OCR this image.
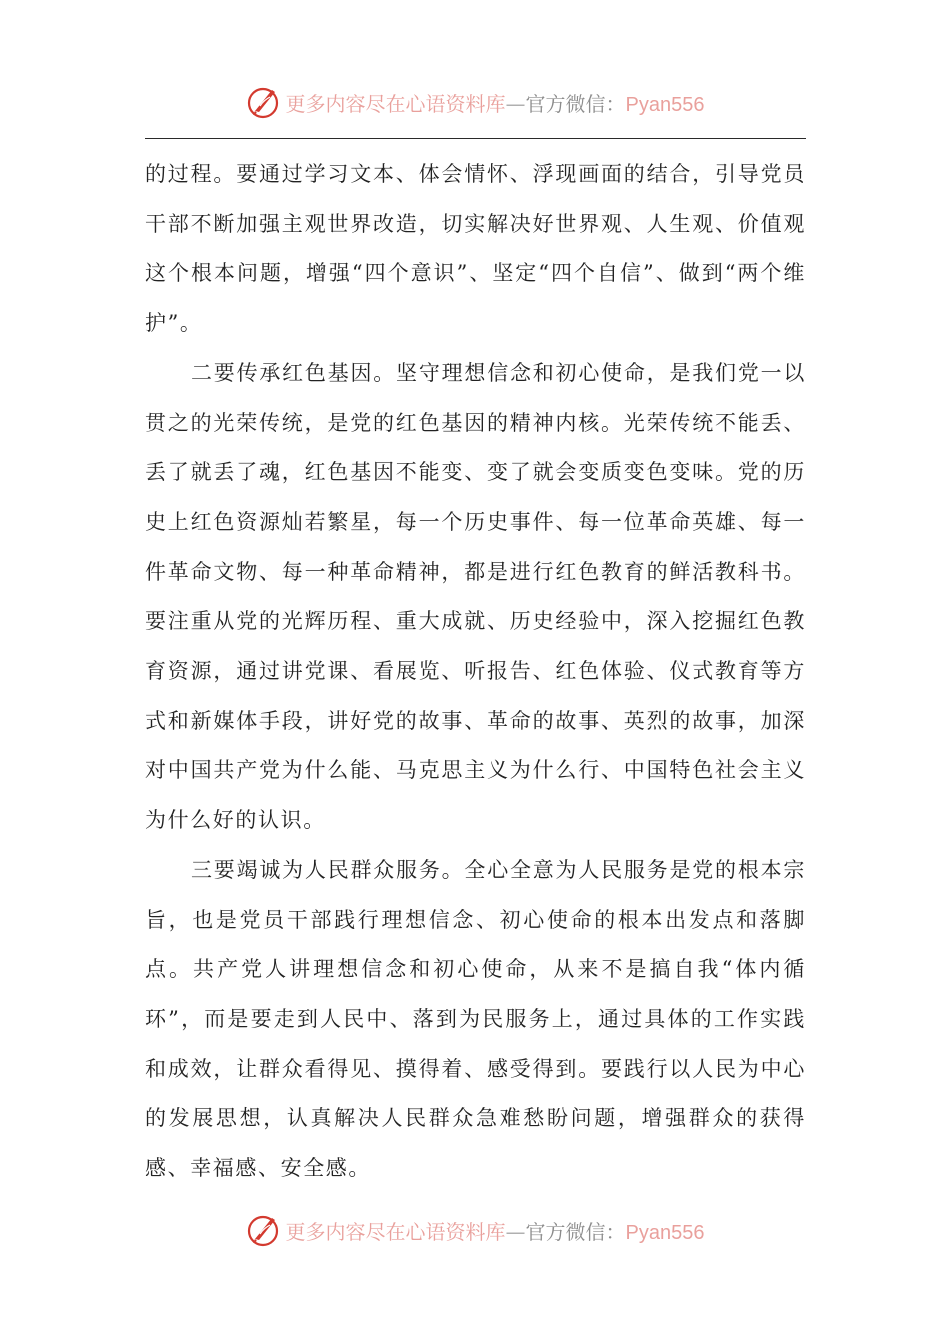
更多内容尽在心语资料库—官方微信：Pyan556

的过程。要通过学习文本、体会情怀、浮现画面的结合，引导党员干部不断加强主观世界改造，切实解决好世界观、人生观、价值观这个根本问题，增强“四个意识”、坚定“四个自信”、做到“两个维护”。

二要传承红色基因。坚守理想信念和初心使命，是我们党一以贯之的光荣传统，是党的红色基因的精神内核。光荣传统不能丢、丢了就丢了魂，红色基因不能变、变了就会变质变色变味。党的历史上红色资源灿若繁星，每一个历史事件、每一位革命英雄、每一件革命文物、每一种革命精神，都是进行红色教育的鲜活教科书。要注重从党的光辉历程、重大成就、历史经验中，深入挖掘红色教育资源，通过讲党课、看展览、听报告、红色体验、仪式教育等方式和新媒体手段，讲好党的故事、革命的故事、英烈的故事，加深对中国共产党为什么能、马克思主义为什么行、中国特色社会主义为什么好的认识。

三要竭诚为人民群众服务。全心全意为人民服务是党的根本宗旨，也是党员干部践行理想信念、初心使命的根本出发点和落脚点。共产党人讲理想信念和初心使命，从来不是搞自我“体内循环”，而是要走到人民中、落到为民服务上，通过具体的工作实践和成效，让群众看得见、摸得着、感受得到。要践行以人民为中心的发展思想，认真解决人民群众急难愁盼问题，增强群众的获得感、幸福感、安全感。

更多内容尽在心语资料库—官方微信：Pyan556
